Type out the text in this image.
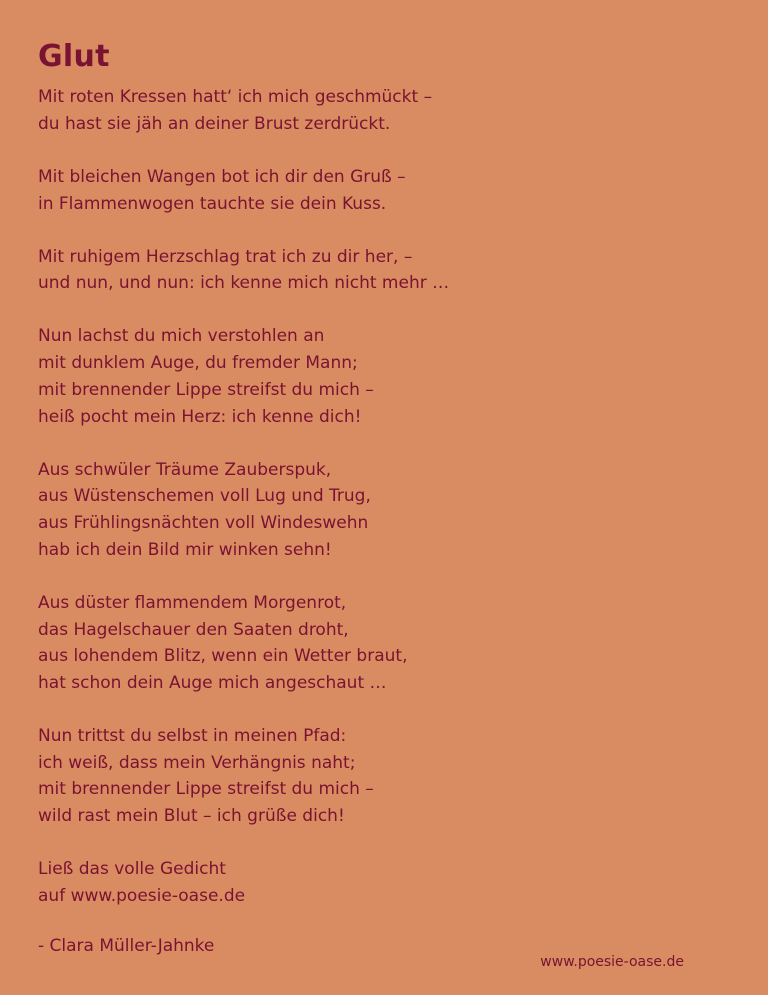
Glut
Mit roten Kressen hatt‘ ich mich geschmückt –
du hast sie jäh an deiner Brust zerdrückt.
Mit bleichen Wangen bot ich dir den Gruß –
in Flammenwogen tauchte sie dein Kuss.
Mit ruhigem Herzschlag trat ich zu dir her, –
und nun, und nun: ich kenne mich nicht mehr …
Nun lachst du mich verstohlen an
mit dunklem Auge, du fremder Mann;
mit brennender Lippe streifst du mich –
heiß pocht mein Herz: ich kenne dich!
Aus schwüler Träume Zauberspuk,
aus Wüstenschemen voll Lug und Trug,
aus Frühlingsnächten voll Windeswehn
hab ich dein Bild mir winken sehn!
Aus düster flammendem Morgenrot,
das Hagelschauer den Saaten droht,
aus lohendem Blitz, wenn ein Wetter braut,
hat schon dein Auge mich angeschaut …
Nun trittst du selbst in meinen Pfad:
ich weiß, dass mein Verhängnis naht;
mit brennender Lippe streifst du mich –
wild rast mein Blut – ich grüße dich!
Ließ das volle Gedicht
auf www.poesie-oase.de
- Clara Müller-Jahnke
www.poesie-oase.de
